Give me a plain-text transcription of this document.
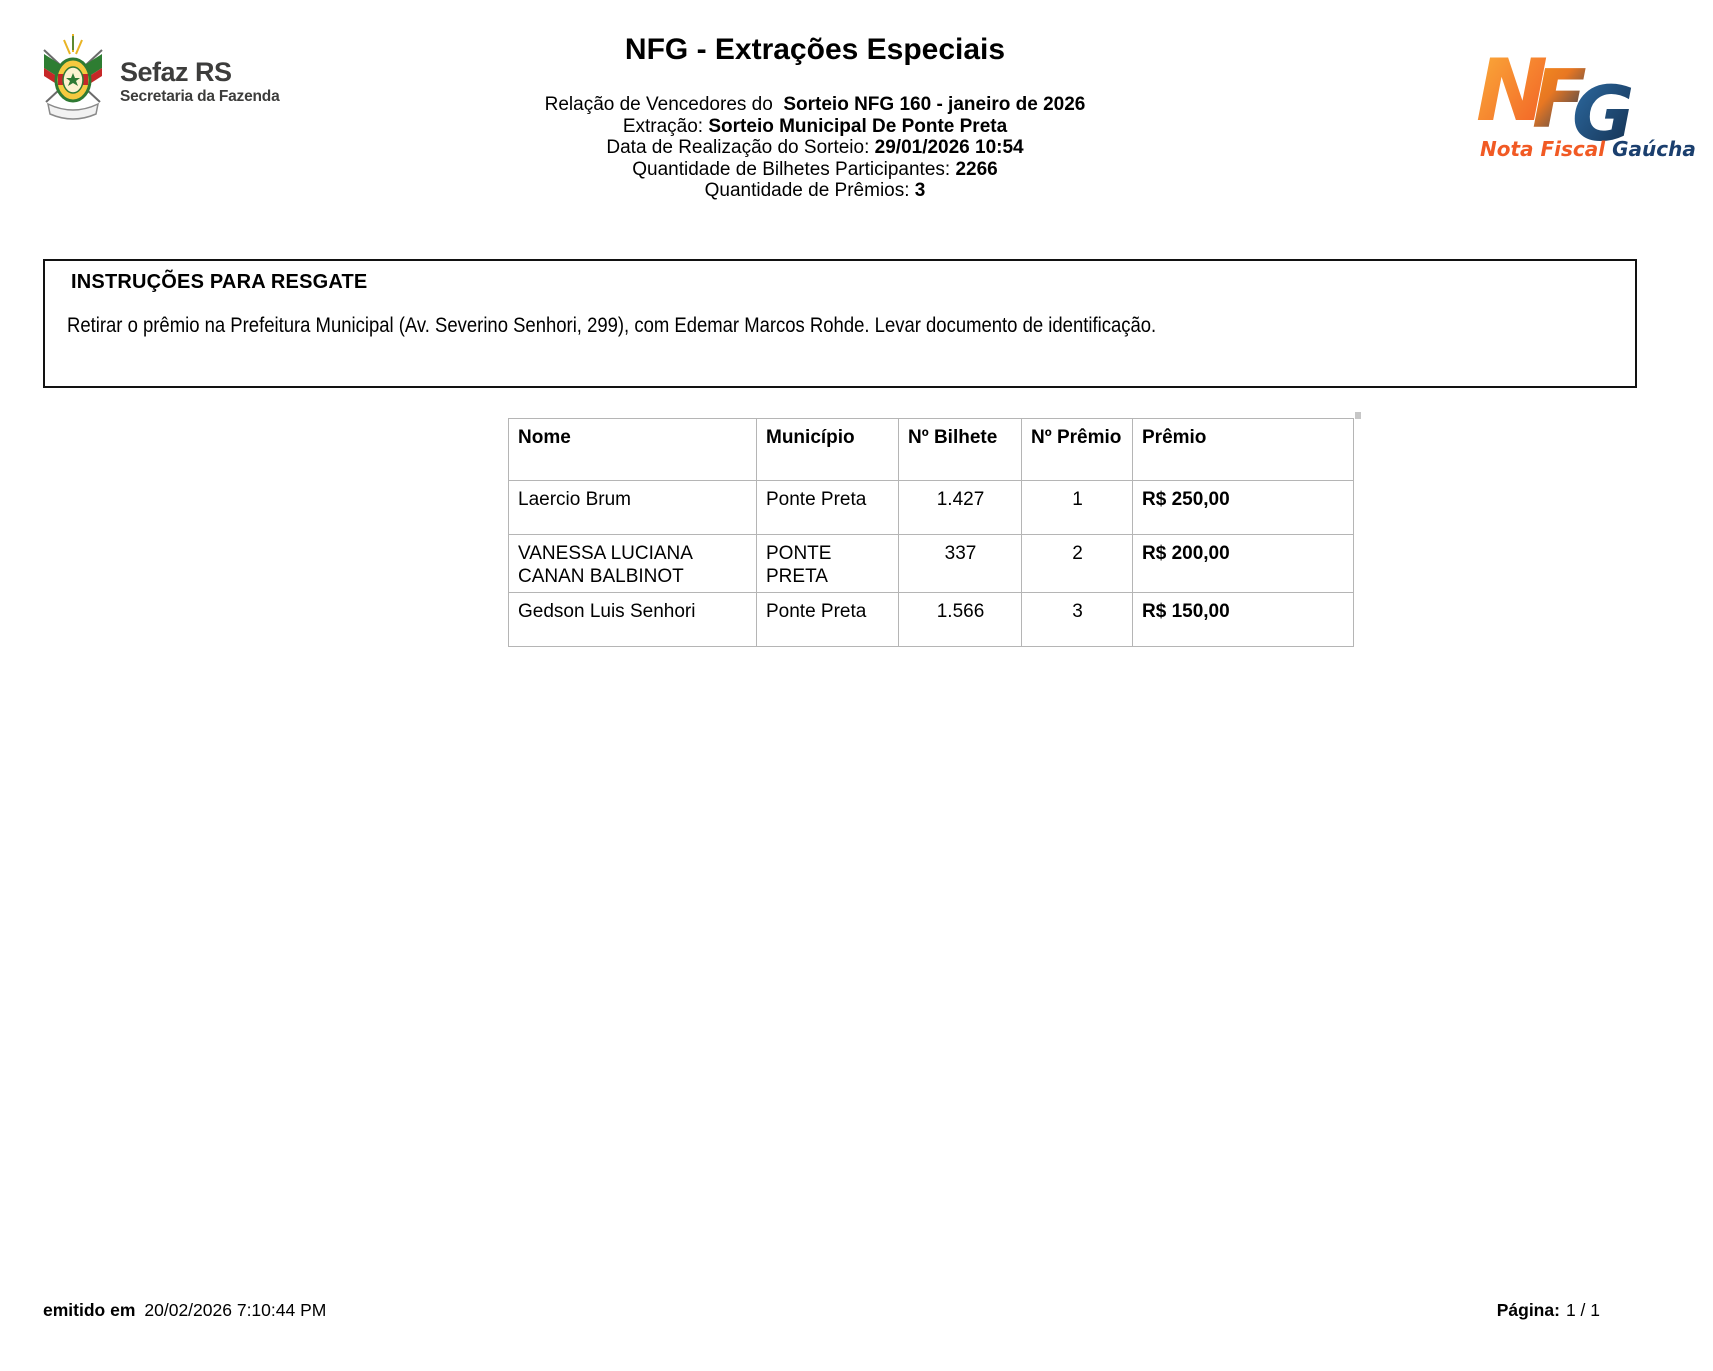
Sefaz RS
Secretaria da Fazenda
NFG - Extrações Especiais
Relação de Vencedores do  Sorteio NFG 160 - janeiro de 2026
Extração: Sorteio Municipal De Ponte Preta
Data de Realização do Sorteio: 29/01/2026 10:54
Quantidade de Bilhetes Participantes: 2266
Quantidade de Prêmios: 3
N
F
G
Nota Fiscal Gaúcha
INSTRUÇÕES PARA RESGATE
Retirar o prêmio na Prefeitura Municipal (Av. Severino Senhori, 299), com Edemar Marcos Rohde. Levar documento de identificação.
Nome	Município	Nº Bilhete	Nº Prêmio	Prêmio
Laercio Brum	Ponte Preta	1.427	1	R$ 250,00
VANESSA LUCIANA CANAN BALBINOT	PONTE PRETA	337	2	R$ 200,00
Gedson Luis Senhori	Ponte Preta	1.566	3	R$ 150,00
emitido em 20/02/2026 7:10:44 PM	Página: 1 / 1
